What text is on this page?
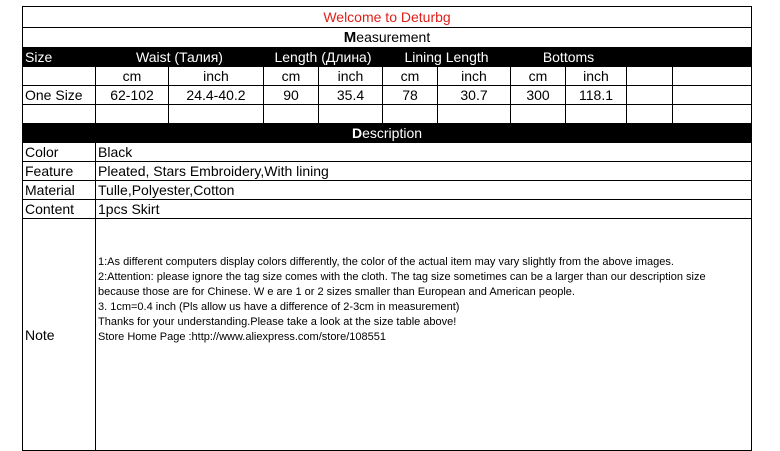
Welcome to Deturbg										
Measurement										
Size	Waist (Талия)		Length (Длина)		Lining Length		Bottoms			
	cm	inch	cm	inch	cm	inch	cm	inch		
One Size	62-102	24.4-40.2	90	35.4	78	30.7	300	118.1		

Description										
Color	Black									
Feature	Pleated, Stars Embroidery,With lining									
Material	Tulle,Polyester,Cotton									
Content	1pcs Skirt									
Note	1:As different computers display colors differently, the color of the actual item may vary slightly from the above images.
2:Attention: please ignore the tag size comes with the cloth. The tag size sometimes can be a larger than our description size because those are for Chinese. W e are 1 or 2 sizes smaller than European and American people.
3. 1cm=0.4 inch (Pls allow us have a difference of 2-3cm in measurement)
Thanks for your understanding.Please take a look at the size table above!
Store Home Page :http://www.aliexpress.com/store/108551									
